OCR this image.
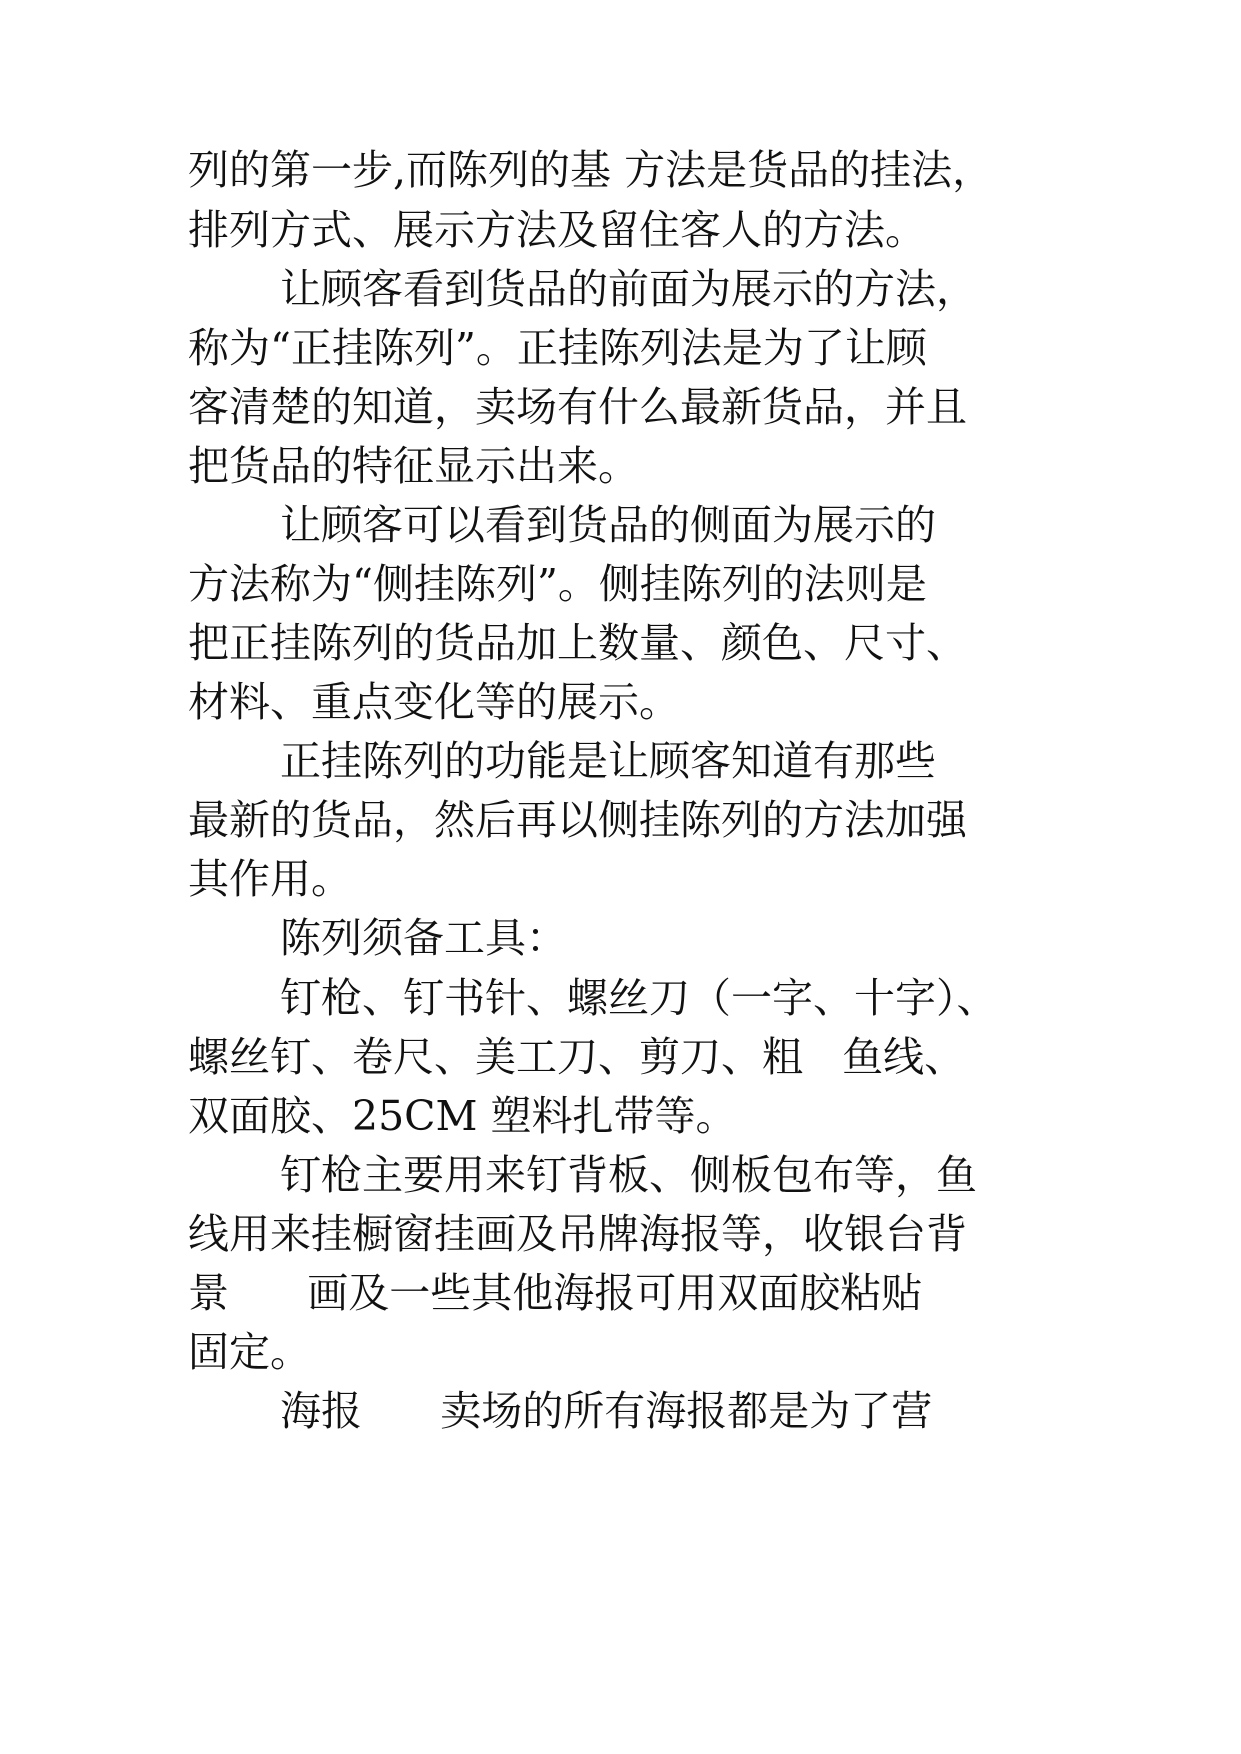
列的第一步,而陈列的基 方法是货品的挂法，
排列方式、展示方法及留住客人的方法。
让顾客看到货品的前面为展示的方法，
称为“正挂陈列”。正挂陈列法是为了让顾
客清楚的知道，卖场有什么最新货品，并且
把货品的特征显示出来。
让顾客可以看到货品的侧面为展示的
方法称为“侧挂陈列”。侧挂陈列的法则是
把正挂陈列的货品加上数量、颜色、尺寸、
材料、重点变化等的展示。
正挂陈列的功能是让顾客知道有那些
最新的货品，然后再以侧挂陈列的方法加强
其作用。
陈列须备工具：
钉枪、钉书针、螺丝刀（一字、十字）、
螺丝钉、卷尺、美工刀、剪刀、粗   鱼线、
双面胶、25CM 塑料扎带等。
钉枪主要用来钉背板、侧板包布等，鱼
线用来挂橱窗挂画及吊牌海报等，收银台背
景      画及一些其他海报可用双面胶粘贴
固定。
海报      卖场的所有海报都是为了营
